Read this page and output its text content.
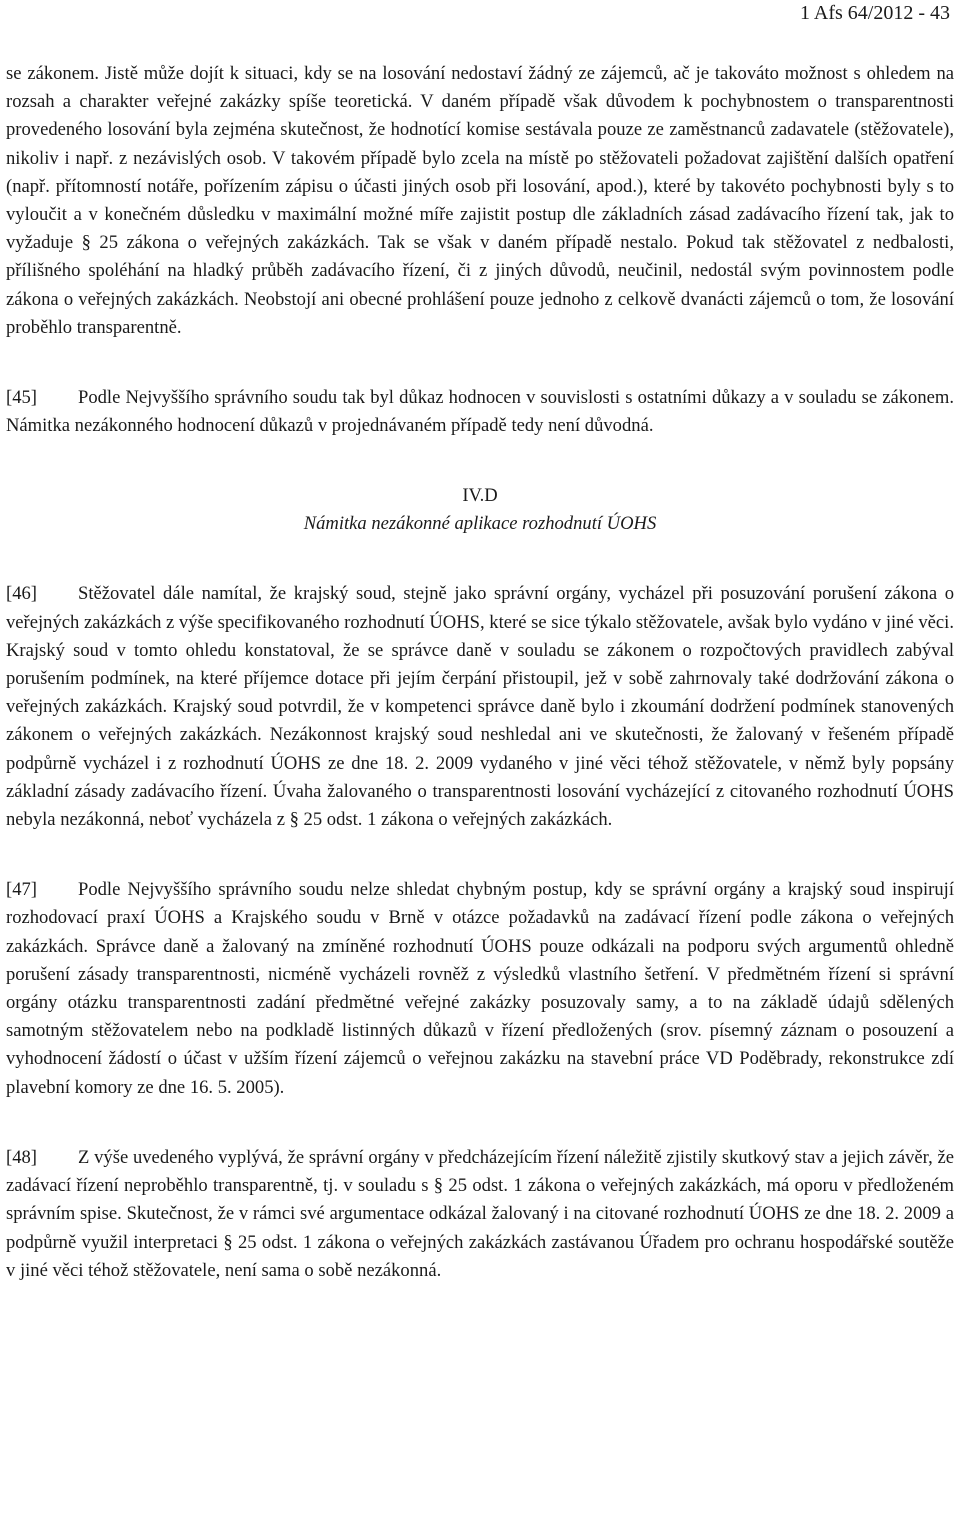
1 Afs 64/2012 - 43

se zákonem. Jistě může dojít k situaci, kdy se na losování nedostaví žádný ze zájemců, ač je takováto možnost s ohledem na rozsah a charakter veřejné zakázky spíše teoretická. V daném případě však důvodem k pochybnostem o transparentnosti provedeného losování byla zejména skutečnost, že hodnotící komise sestávala pouze ze zaměstnanců zadavatele (stěžovatele), nikoliv i např. z nezávislých osob. V takovém případě bylo zcela na místě po stěžovateli požadovat zajištění dalších opatření (např. přítomností notáře, pořízením zápisu o účasti jiných osob při losování, apod.), které by takovéto pochybnosti byly s to vyloučit a v konečném důsledku v maximální možné míře zajistit postup dle základních zásad zadávacího řízení tak, jak to vyžaduje § 25 zákona o veřejných zakázkách. Tak se však v daném případě nestalo. Pokud tak stěžovatel z nedbalosti, přílišného spoléhání na hladký průběh zadávacího řízení, či z jiných důvodů, neučinil, nedostál svým povinnostem podle zákona o veřejných zakázkách. Neobstojí ani obecné prohlášení pouze jednoho z celkově dvanácti zájemců o tom, že losování proběhlo transparentně.

[45] Podle Nejvyššího správního soudu tak byl důkaz hodnocen v souvislosti s ostatními důkazy a v souladu se zákonem. Námitka nezákonného hodnocení důkazů v projednávaném případě tedy není důvodná.

IV.D

Námitka nezákonné aplikace rozhodnutí ÚOHS

[46] Stěžovatel dále namítal, že krajský soud, stejně jako správní orgány, vycházel při posuzování porušení zákona o veřejných zakázkách z výše specifikovaného rozhodnutí ÚOHS, které se sice týkalo stěžovatele, avšak bylo vydáno v jiné věci. Krajský soud v tomto ohledu konstatoval, že se správce daně v souladu se zákonem o rozpočtových pravidlech zabýval porušením podmínek, na které příjemce dotace při jejím čerpání přistoupil, jež v sobě zahrnovaly také dodržování zákona o veřejných zakázkách. Krajský soud potvrdil, že v kompetenci správce daně bylo i zkoumání dodržení podmínek stanovených zákonem o veřejných zakázkách. Nezákonnost krajský soud neshledal ani ve skutečnosti, že žalovaný v řešeném případě podpůrně vycházel i z rozhodnutí ÚOHS ze dne 18. 2. 2009 vydaného v jiné věci téhož stěžovatele, v němž byly popsány základní zásady zadávacího řízení. Úvaha žalovaného o transparentnosti losování vycházející z citovaného rozhodnutí ÚOHS nebyla nezákonná, neboť vycházela z § 25 odst. 1 zákona o veřejných zakázkách.

[47] Podle Nejvyššího správního soudu nelze shledat chybným postup, kdy se správní orgány a krajský soud inspirují rozhodovací praxí ÚOHS a Krajského soudu v Brně v otázce požadavků na zadávací řízení podle zákona o veřejných zakázkách. Správce daně a žalovaný na zmíněné rozhodnutí ÚOHS pouze odkázali na podporu svých argumentů ohledně porušení zásady transparentnosti, nicméně vycházeli rovněž z výsledků vlastního šetření. V předmětném řízení si správní orgány otázku transparentnosti zadání předmětné veřejné zakázky posuzovaly samy, a to na základě údajů sdělených samotným stěžovatelem nebo na podkladě listinných důkazů v řízení předložených (srov. písemný záznam o posouzení a vyhodnocení žádostí o účast v užším řízení zájemců o veřejnou zakázku na stavební práce VD Poděbrady, rekonstrukce zdí plavební komory ze dne 16. 5. 2005).

[48] Z výše uvedeného vyplývá, že správní orgány v předcházejícím řízení náležitě zjistily skutkový stav a jejich závěr, že zadávací řízení neproběhlo transparentně, tj. v souladu s § 25 odst. 1 zákona o veřejných zakázkách, má oporu v předloženém správním spise. Skutečnost, že v rámci své argumentace odkázal žalovaný i na citované rozhodnutí ÚOHS ze dne 18. 2. 2009 a podpůrně využil interpretaci § 25 odst. 1 zákona o veřejných zakázkách zastávanou Úřadem pro ochranu hospodářské soutěže v jiné věci téhož stěžovatele, není sama o sobě nezákonná.
